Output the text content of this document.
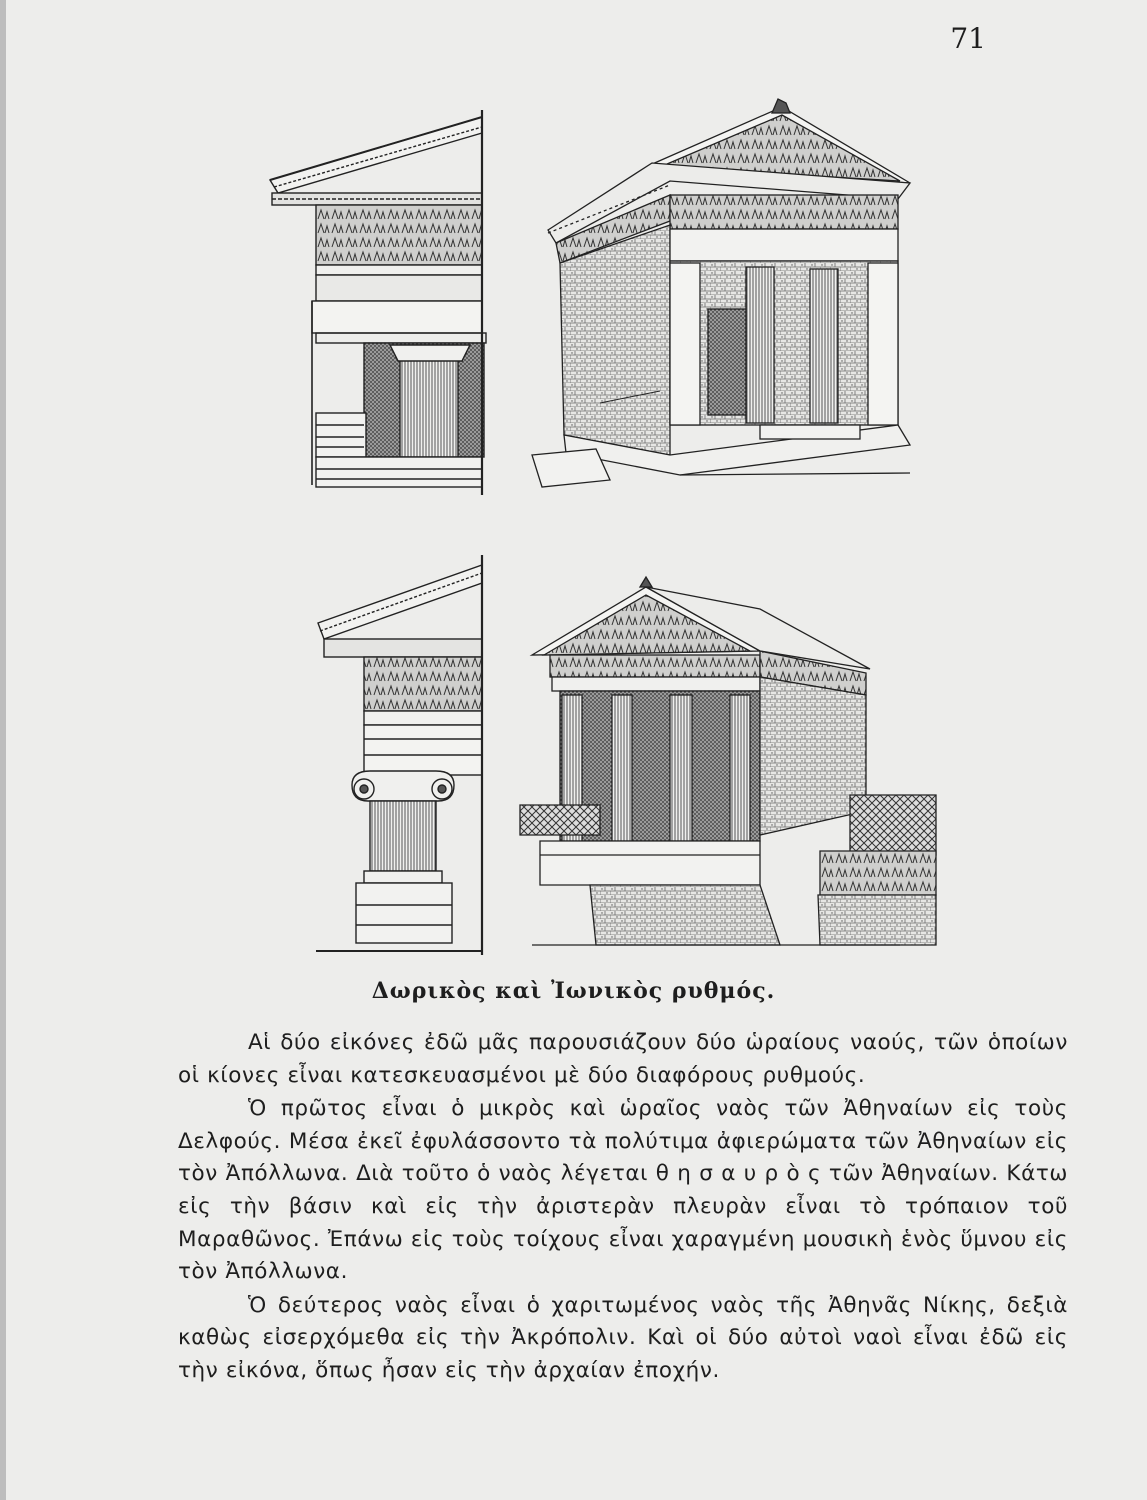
71
Δωρικὸς καὶ Ἰωνικὸς ρυθμός.

Αἱ δύο εἰκόνες ἐδῶ μᾶς παρουσιάζουν δύο ὡραίους ναούς, τῶν ὁποίων οἱ κίονες εἶναι κατεσκευασμένοι μὲ δύο διαφόρους ρυθμούς.

Ὁ πρῶτος εἶναι ὁ μικρὸς καὶ ὡραῖος ναὸς τῶν Ἀθηναίων εἰς τοὺς Δελφούς. Μέσα ἐκεῖ ἐφυλάσσοντο τὰ πολύτιμα ἀφιερώματα τῶν Ἀθηναίων εἰς τὸν Ἀπόλλωνα. Διὰ τοῦτο ὁ ναὸς λέγεται θ η σ α υ ρ ὸ ς τῶν Ἀθηναίων. Κάτω εἰς τὴν βάσιν καὶ εἰς τὴν ἀριστερὰν πλευρὰν εἶναι τὸ τρόπαιον τοῦ Μαραθῶνος. Ἐπάνω εἰς τοὺς τοίχους εἶναι χαραγμένη μουσικὴ ἑνὸς ὕμνου εἰς τὸν Ἀπόλλωνα.

Ὁ δεύτερος ναὸς εἶναι ὁ χαριτωμένος ναὸς τῆς Ἀθηνᾶς Νίκης, δεξιὰ καθὼς εἰσερχόμεθα εἰς τὴν Ἀκρόπολιν. Καὶ οἱ δύο αὐτοὶ ναοὶ εἶναι ἐδῶ εἰς τὴν εἰκόνα, ὅπως ἦσαν εἰς τὴν ἀρχαίαν ἐποχήν.
